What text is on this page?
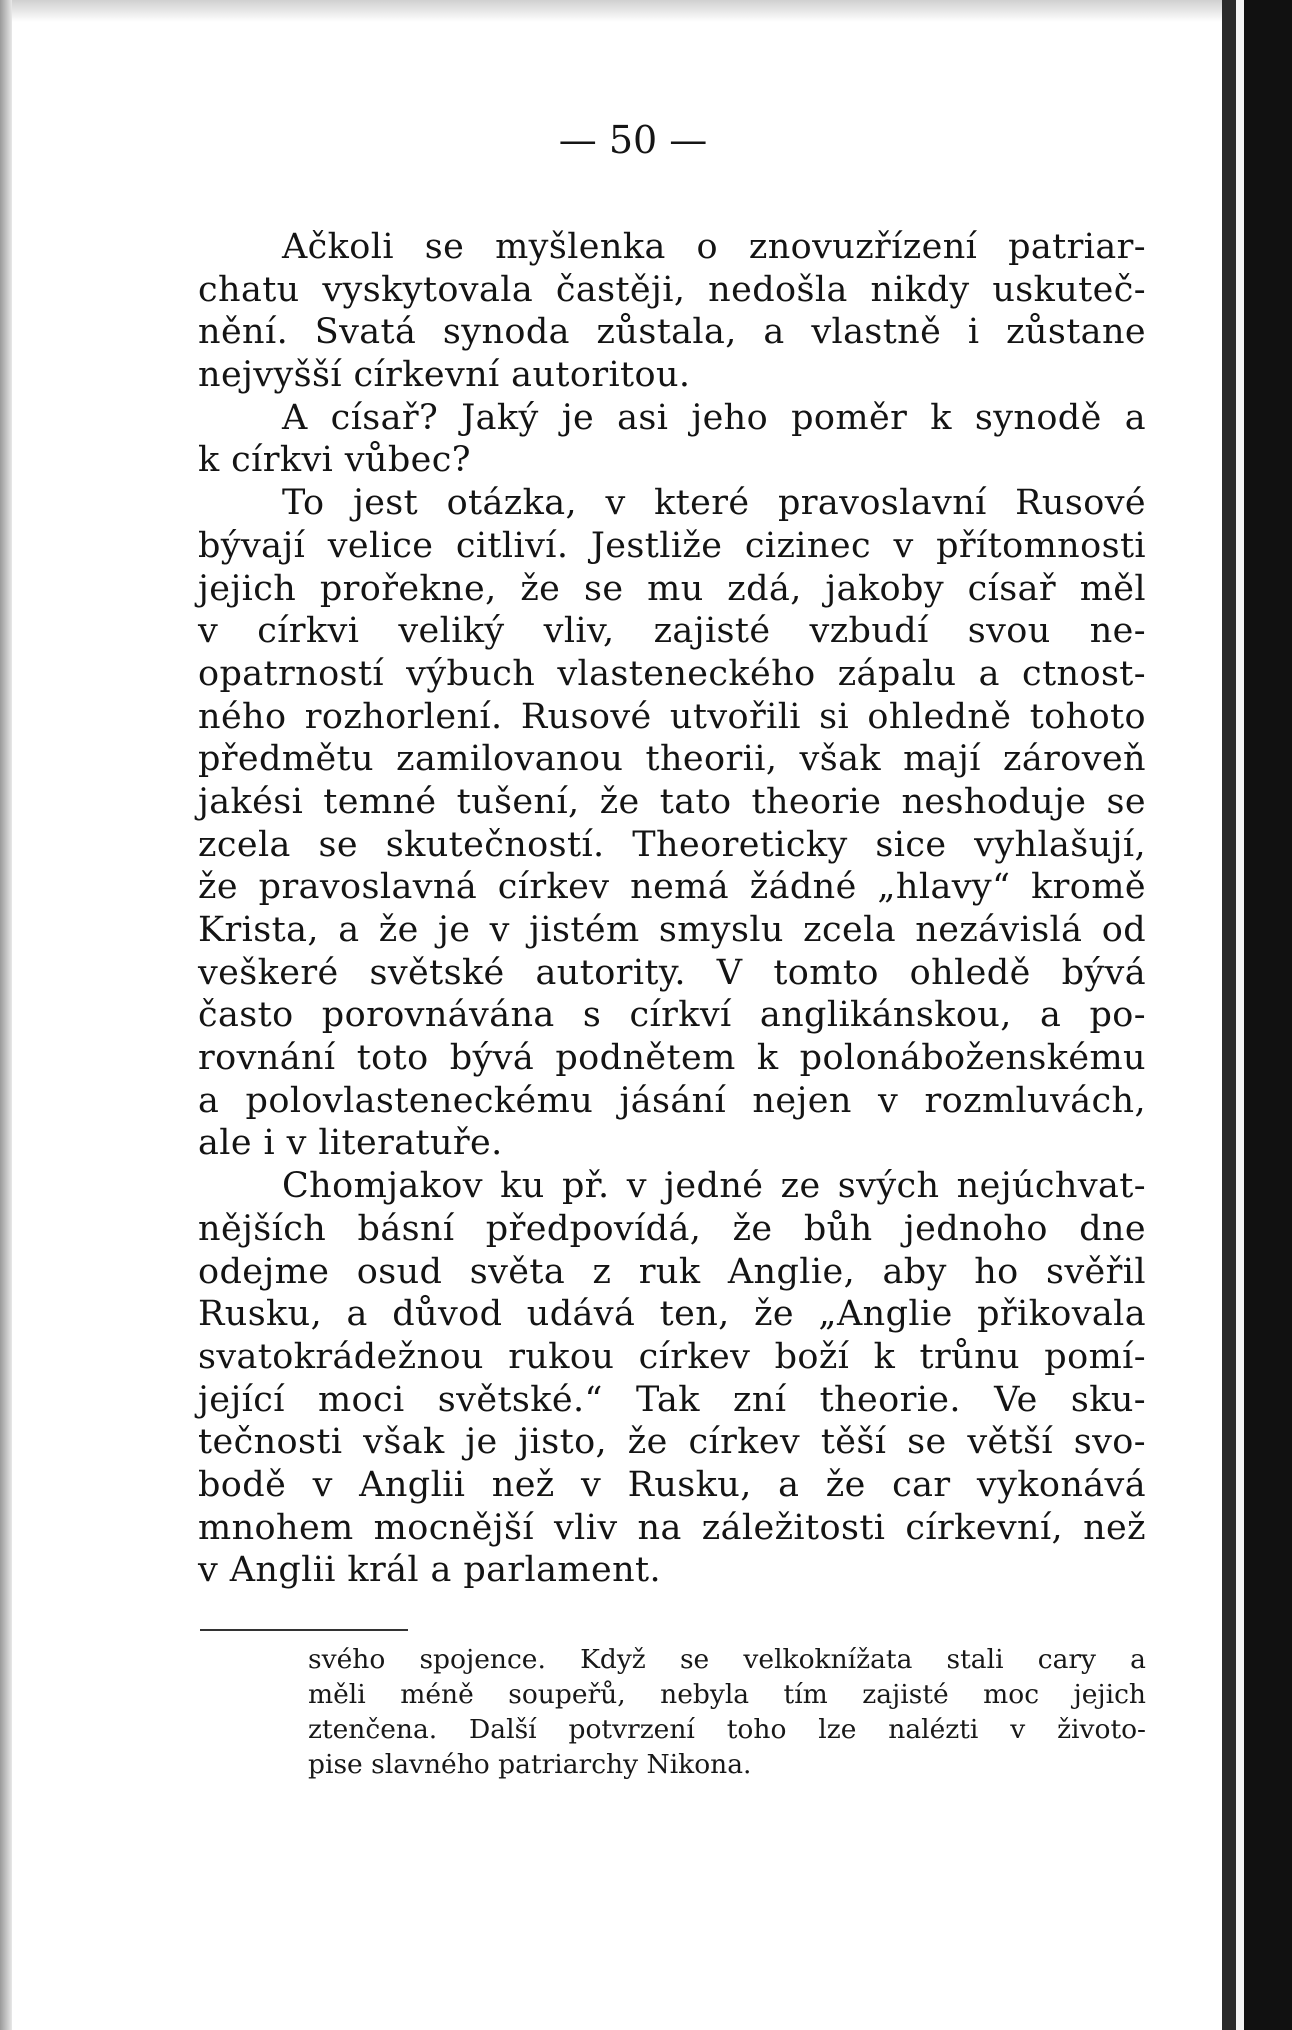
— 50 —
Ačkoli se myšlenka o znovuzřízení patriar-
chatu vyskytovala častěji, nedošla nikdy uskuteč-
nění. Svatá synoda zůstala, a vlastně i zůstane
nejvyšší církevní autoritou.
A císař? Jaký je asi jeho poměr k synodě a
k církvi vůbec?
To jest otázka, v které pravoslavní Rusové
bývají velice citliví. Jestliže cizinec v přítomnosti
jejich prořekne, že se mu zdá, jakoby císař měl
v církvi veliký vliv, zajisté vzbudí svou ne-
opatrností výbuch vlasteneckého zápalu a ctnost-
ného rozhorlení. Rusové utvořili si ohledně tohoto
předmětu zamilovanou theorii, však mají zároveň
jakési temné tušení, že tato theorie neshoduje se
zcela se skutečností. Theoreticky sice vyhlašují,
že pravoslavná církev nemá žádné „hlavy“ kromě
Krista, a že je v jistém smyslu zcela nezávislá od
veškeré světské autority. V tomto ohledě bývá
často porovnávána s církví anglikánskou, a po-
rovnání toto bývá podnětem k polonáboženskému
a polovlasteneckému jásání nejen v rozmluvách,
ale i v literatuře.
Chomjakov ku př. v jedné ze svých nejúchvat-
nějších básní předpovídá, že bůh jednoho dne
odejme osud světa z ruk Anglie, aby ho svěřil
Rusku, a důvod udává ten, že „Anglie přikovala
svatokrádežnou rukou církev boží k trůnu pomí-
jející moci světské.“ Tak zní theorie. Ve sku-
tečnosti však je jisto, že církev těší se větší svo-
bodě v Anglii než v Rusku, a že car vykonává
mnohem mocnější vliv na záležitosti církevní, než
v Anglii král a parlament.
svého spojence. Když se velkoknížata stali cary a
měli méně soupeřů, nebyla tím zajisté moc jejich
ztenčena. Další potvrzení toho lze nalézti v životo-
pise slavného patriarchy Nikona.
